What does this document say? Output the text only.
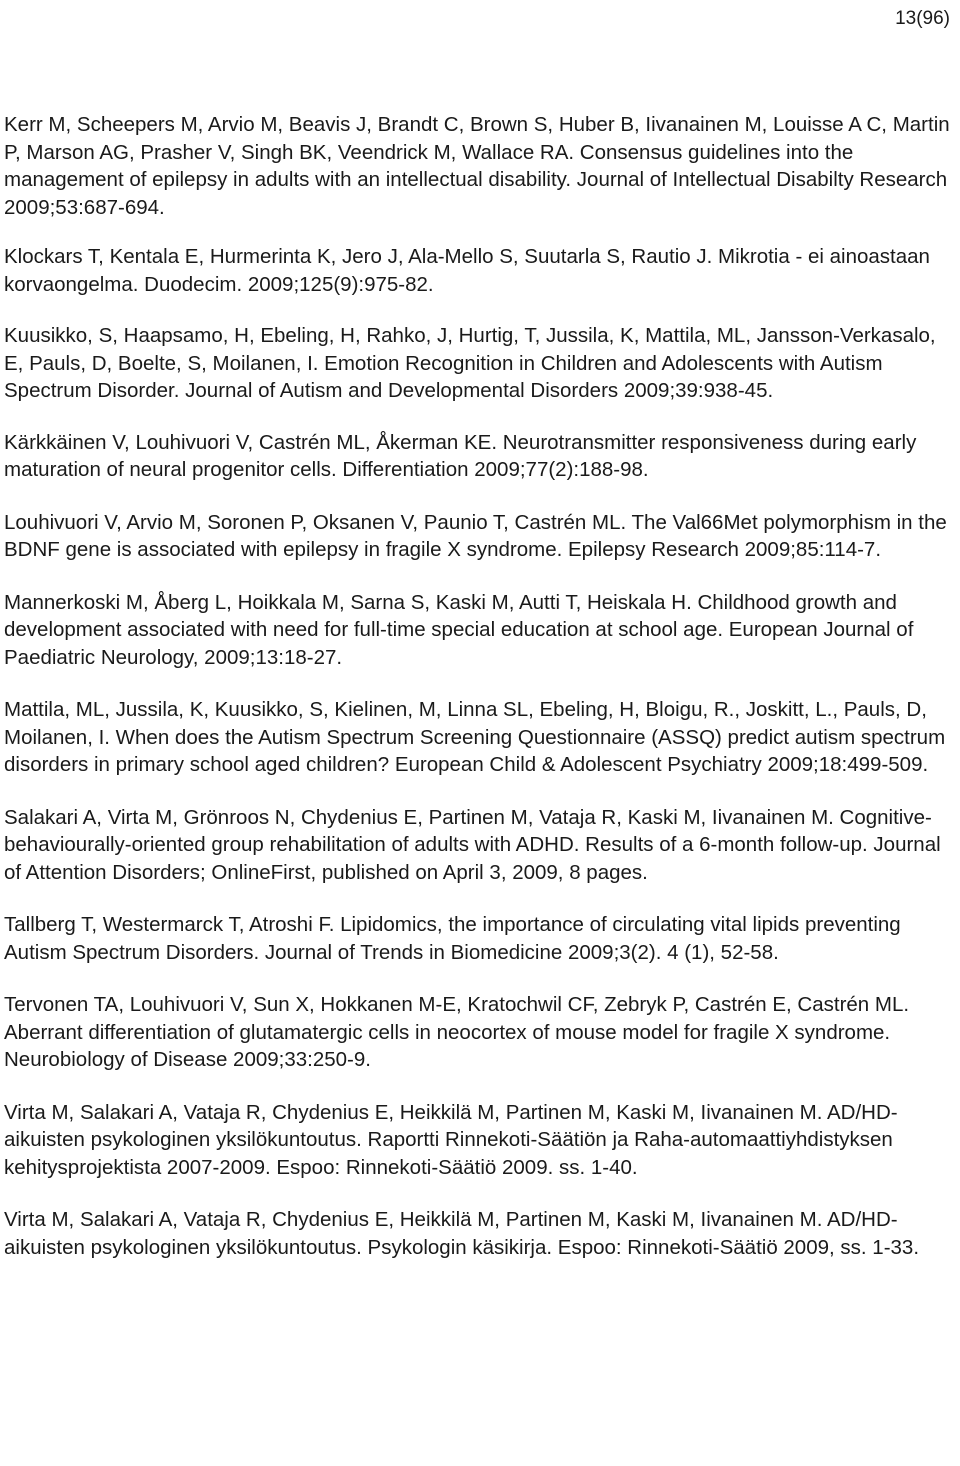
13(96)
Kerr M, Scheepers M, Arvio M, Beavis J, Brandt C, Brown S, Huber B, Iivanainen M, Louisse A C, Martin P, Marson AG, Prasher V, Singh BK, Veendrick M, Wallace RA. Consensus guidelines into the management of epilepsy in adults with an intellectual disability. Journal of Intellectual Disabilty Research 2009;53:687-694.
Klockars T, Kentala E, Hurmerinta K, Jero J, Ala-Mello S, Suutarla S, Rautio J. Mikrotia - ei ainoastaan korvaongelma. Duodecim. 2009;125(9):975-82.
Kuusikko, S, Haapsamo, H, Ebeling, H, Rahko, J, Hurtig, T, Jussila, K, Mattila, ML, Jansson-Verkasalo, E, Pauls, D, Boelte, S, Moilanen, I. Emotion Recognition in Children and Adolescents with Autism Spectrum Disorder. Journal of Autism and Developmental Disorders 2009;39:938-45.
Kärkkäinen V, Louhivuori V, Castrén ML, Åkerman KE. Neurotransmitter responsiveness during early maturation of neural progenitor cells. Differentiation 2009;77(2):188-98.
Louhivuori V, Arvio M, Soronen P, Oksanen V, Paunio T, Castrén ML. The Val66Met polymorphism in the BDNF gene is associated with epilepsy in fragile X syndrome. Epilepsy Research 2009;85:114-7.
Mannerkoski M, Åberg L, Hoikkala M, Sarna S, Kaski M, Autti T, Heiskala H. Childhood growth and development associated with need for full-time special education at school age. European Journal of Paediatric Neurology, 2009;13:18-27.
Mattila, ML, Jussila, K, Kuusikko, S, Kielinen, M, Linna SL, Ebeling, H, Bloigu, R., Joskitt, L., Pauls, D, Moilanen, I. When does the Autism Spectrum Screening Questionnaire (ASSQ) predict autism spectrum disorders in primary school aged children? European Child & Adolescent Psychiatry 2009;18:499-509.
Salakari A, Virta M, Grönroos N, Chydenius E, Partinen M, Vataja R, Kaski M, Iivanainen M. Cognitive-behaviourally-oriented group rehabilitation of adults with ADHD. Results of a 6-month follow-up. Journal of Attention Disorders; OnlineFirst, published on April 3, 2009, 8 pages.
Tallberg T, Westermarck T, Atroshi F. Lipidomics, the importance of circulating vital lipids preventing Autism Spectrum Disorders. Journal of Trends in Biomedicine 2009;3(2). 4 (1), 52-58.
Tervonen TA, Louhivuori V, Sun X, Hokkanen M-E, Kratochwil CF, Zebryk P, Castrén E, Castrén ML. Aberrant differentiation of glutamatergic cells in neocortex of mouse model for fragile X syndrome. Neurobiology of Disease 2009;33:250-9.
Virta M, Salakari A, Vataja R, Chydenius E, Heikkilä M, Partinen M, Kaski M, Iivanainen M. AD/HD-aikuisten psykologinen yksilökuntoutus. Raportti Rinnekoti-Säätiön ja Raha-automaattiyhdistyksen kehitysprojektista 2007-2009. Espoo: Rinnekoti-Säätiö 2009. ss. 1-40.
Virta M, Salakari A, Vataja R, Chydenius E, Heikkilä M, Partinen M, Kaski M, Iivanainen M. AD/HD-aikuisten psykologinen yksilökuntoutus. Psykologin käsikirja. Espoo: Rinnekoti-Säätiö 2009, ss. 1-33.
